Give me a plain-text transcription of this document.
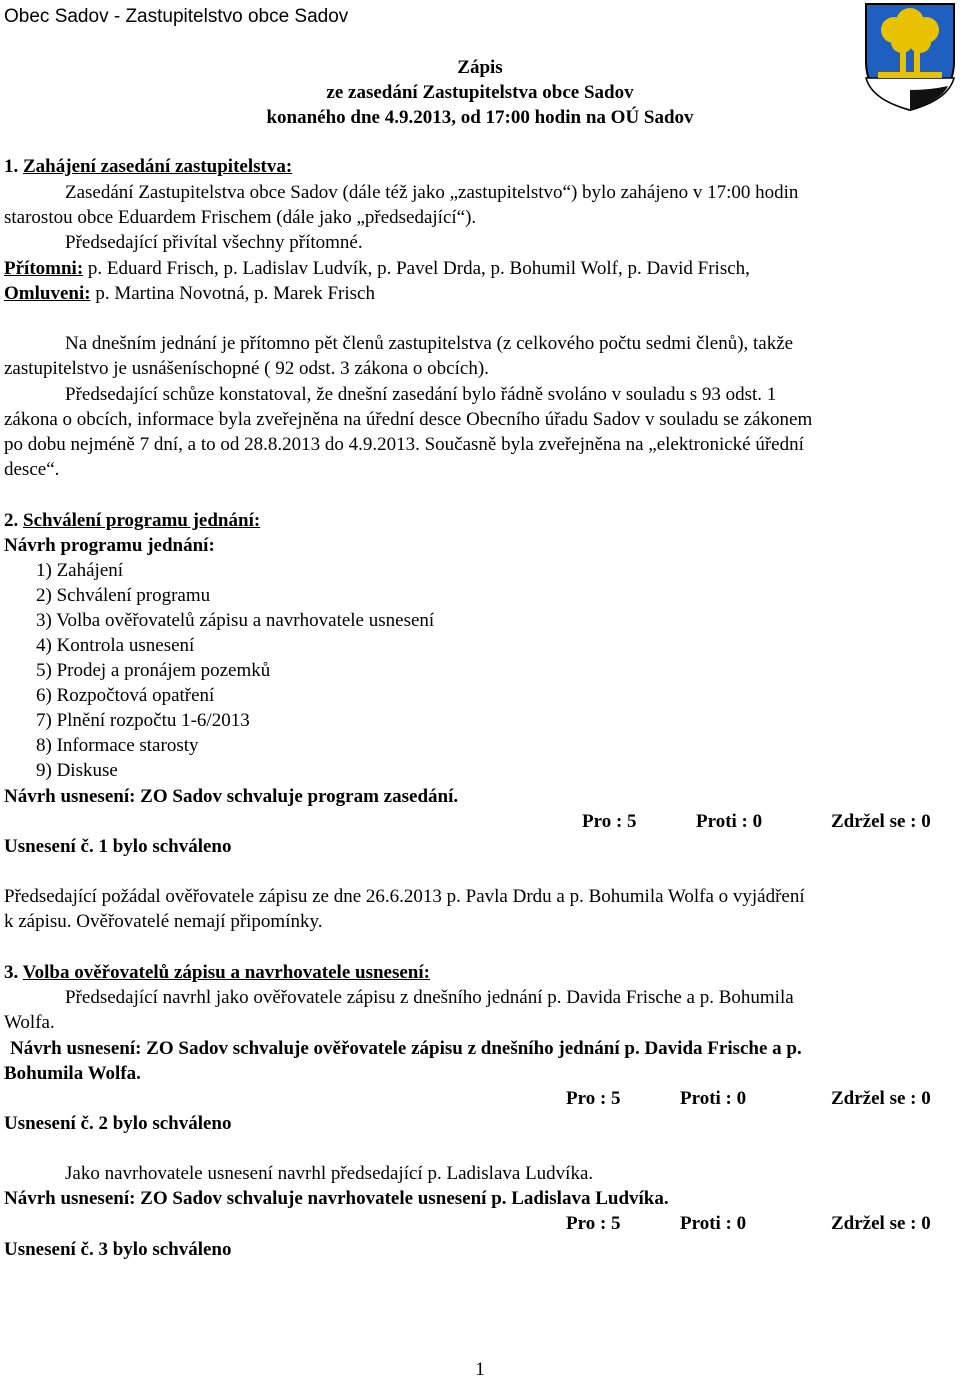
Obec Sadov - Zastupitelstvo obce Sadov
Zápis
ze zasedání Zastupitelstva obce Sadov
konaného dne 4.9.2013, od 17:00 hodin na OÚ Sadov
1. Zahájení zasedání zastupitelstva:
Zasedání Zastupitelstva obce Sadov (dále též jako „zastupitelstvo“) bylo zahájeno v 17:00 hodin
starostou obce Eduardem Frischem (dále jako „předsedající“).
Předsedající přivítal všechny přítomné.
Přítomni: p. Eduard Frisch, p. Ladislav Ludvík, p. Pavel Drda, p. Bohumil Wolf, p. David Frisch,
Omluveni: p. Martina Novotná, p. Marek Frisch
Na dnešním jednání je přítomno pět členů zastupitelstva (z celkového počtu sedmi členů), takže
zastupitelstvo je usnášeníschopné ( 92 odst. 3 zákona o obcích).
Předsedající schůze konstatoval, že dnešní zasedání bylo řádně svoláno v souladu s 93 odst. 1
zákona o obcích, informace byla zveřejněna na úřední desce Obecního úřadu Sadov v souladu se zákonem
po dobu nejméně 7 dní, a to od 28.8.2013 do 4.9.2013. Současně byla zveřejněna na „elektronické úřední
desce“.
2. Schválení programu jednání:
Návrh programu jednání:
1) Zahájení
2) Schválení programu
3) Volba ověřovatelů zápisu a navrhovatele usnesení
4) Kontrola usnesení
5) Prodej a pronájem pozemků
6) Rozpočtová opatření
7) Plnění rozpočtu 1-6/2013
8) Informace starosty
9) Diskuse
Návrh usnesení: ZO Sadov schvaluje program zasedání.
Pro : 5	Proti : 0	Zdržel se : 0
Usnesení č. 1 bylo schváleno
Předsedající požádal ověřovatele zápisu ze dne 26.6.2013 p. Pavla Drdu a p. Bohumila Wolfa o vyjádření
k zápisu. Ověřovatelé nemají připomínky.
3. Volba ověřovatelů zápisu a navrhovatele usnesení:
Předsedající navrhl jako ověřovatele zápisu z dnešního jednání p. Davida Frische a p. Bohumila
Wolfa.
Návrh usnesení: ZO Sadov schvaluje ověřovatele zápisu z dnešního jednání p. Davida Frische a p.
Bohumila Wolfa.
Pro : 5	Proti : 0	Zdržel se : 0
Usnesení č. 2 bylo schváleno
Jako navrhovatele usnesení navrhl předsedající p. Ladislava Ludvíka.
Návrh usnesení: ZO Sadov schvaluje navrhovatele usnesení p. Ladislava Ludvíka.
Pro : 5	Proti : 0	Zdržel se : 0
Usnesení č. 3 bylo schváleno
1
